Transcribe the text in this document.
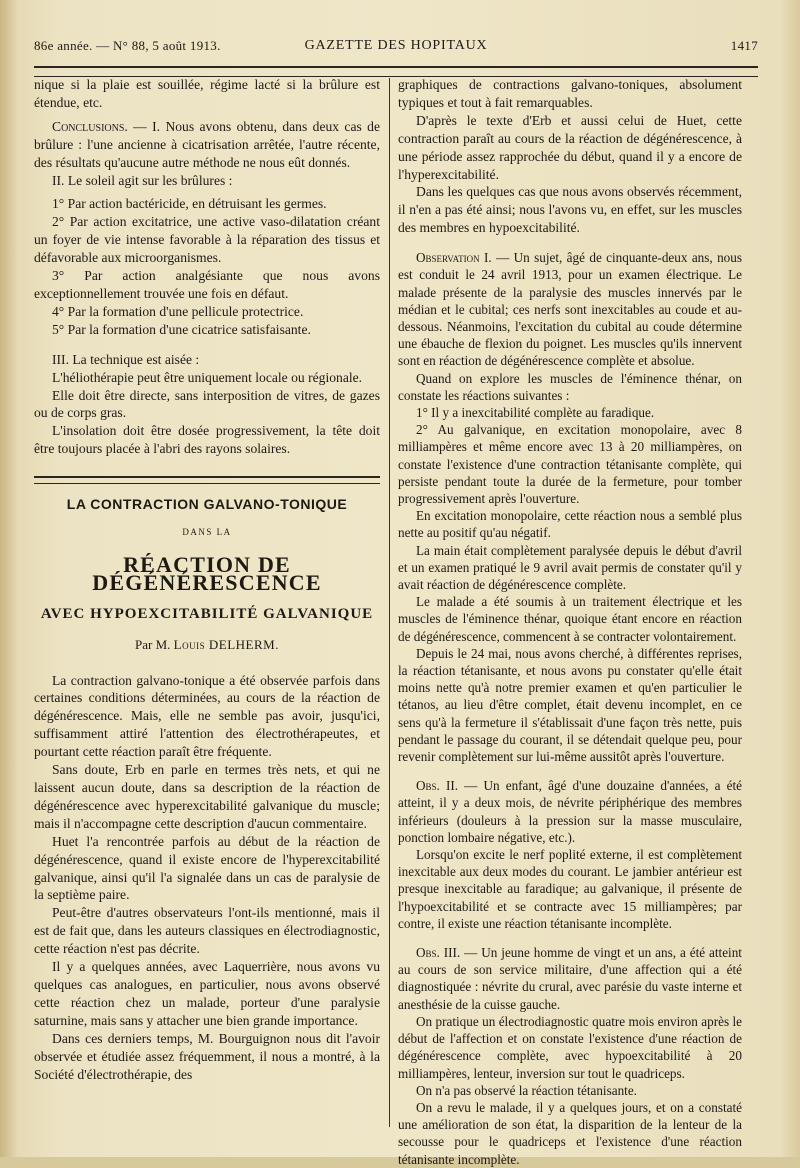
86e année. — N° 88, 5 août 1913.	GAZETTE DES HOPITAUX	1417

nique si la plaie est souillée, régime lacté si la brûlure est étendue, etc.

Conclusions. — I. Nous avons obtenu, dans deux cas de brûlure : l'une ancienne à cicatrisation arrêtée, l'autre récente, des résultats qu'aucune autre méthode ne nous eût donnés.

II. Le soleil agit sur les brûlures :

1° Par action bactéricide, en détruisant les germes.

2° Par action excitatrice, une active vaso-dilatation créant un foyer de vie intense favorable à la réparation des tissus et défavorable aux microorganismes.

3° Par action analgésiante que nous avons exceptionnellement trouvée une fois en défaut.

4° Par la formation d'une pellicule protectrice.

5° Par la formation d'une cicatrice satisfaisante.

III. La technique est aisée :

L'héliothérapie peut être uniquement locale ou régionale.

Elle doit être directe, sans interposition de vitres, de gazes ou de corps gras.

L'insolation doit être dosée progressivement, la tête doit être toujours placée à l'abri des rayons solaires.

LA CONTRACTION GALVANO-TONIQUE
DANS LA
RÉACTION DE DÉGÉNÉRESCENCE
AVEC HYPOEXCITABILITÉ GALVANIQUE
Par M. Louis DELHERM.

La contraction galvano-tonique a été observée parfois dans certaines conditions déterminées, au cours de la réaction de dégénérescence. Mais, elle ne semble pas avoir, jusqu'ici, suffisamment attiré l'attention des électrothérapeutes, et pourtant cette réaction paraît être fréquente.

Sans doute, Erb en parle en termes très nets, et qui ne laissent aucun doute, dans sa description de la réaction de dégénérescence avec hyperexcitabilité galvanique du muscle; mais il n'accompagne cette description d'aucun commentaire.

Huet l'a rencontrée parfois au début de la réaction de dégénérescence, quand il existe encore de l'hyperexcitabilité galvanique, ainsi qu'il l'a signalée dans un cas de paralysie de la septième paire.

Peut-être d'autres observateurs l'ont-ils mentionné, mais il est de fait que, dans les auteurs classiques en électrodiagnostic, cette réaction n'est pas décrite.

Il y a quelques années, avec Laquerrière, nous avons vu quelques cas analogues, en particulier, nous avons observé cette réaction chez un malade, porteur d'une paralysie saturnine, mais sans y attacher une bien grande importance.

Dans ces derniers temps, M. Bourguignon nous dit l'avoir observée et étudiée assez fréquemment, il nous a montré, à la Société d'électrothérapie, des

graphiques de contractions galvano-toniques, absolument typiques et tout à fait remarquables.

D'après le texte d'Erb et aussi celui de Huet, cette contraction paraît au cours de la réaction de dégénérescence, à une période assez rapprochée du début, quand il y a encore de l'hyperexcitabilité.

Dans les quelques cas que nous avons observés récemment, il n'en a pas été ainsi; nous l'avons vu, en effet, sur les muscles des membres en hypoexcitabilité.

Observation I. — Un sujet, âgé de cinquante-deux ans, nous est conduit le 24 avril 1913, pour un examen électrique. Le malade présente de la paralysie des muscles innervés par le médian et le cubital; ces nerfs sont inexcitables au coude et au-dessous. Néanmoins, l'excitation du cubital au coude détermine une ébauche de flexion du poignet. Les muscles qu'ils innervent sont en réaction de dégénérescence complète et absolue.

Quand on explore les muscles de l'éminence thénar, on constate les réactions suivantes :

1° Il y a inexcitabilité complète au faradique.

2° Au galvanique, en excitation monopolaire, avec 8 milliampères et même encore avec 13 à 20 milliampères, on constate l'existence d'une contraction tétanisante complète, qui persiste pendant toute la durée de la fermeture, pour tomber progressivement après l'ouverture.

En excitation monopolaire, cette réaction nous a semblé plus nette au positif qu'au négatif.

La main était complètement paralysée depuis le début d'avril et un examen pratiqué le 9 avril avait permis de constater qu'il y avait réaction de dégénérescence complète.

Le malade a été soumis à un traitement électrique et les muscles de l'éminence thénar, quoique étant encore en réaction de dégénérescence, commencent à se contracter volontairement.

Depuis le 24 mai, nous avons cherché, à différentes reprises, la réaction tétanisante, et nous avons pu constater qu'elle était moins nette qu'à notre premier examen et qu'en particulier le tétanos, au lieu d'être complet, était devenu incomplet, en ce sens qu'à la fermeture il s'établissait d'une façon très nette, puis pendant le passage du courant, il se détendait quelque peu, pour revenir complètement sur lui-même aussitôt après l'ouverture.

Obs. II. — Un enfant, âgé d'une douzaine d'années, a été atteint, il y a deux mois, de névrite périphérique des membres inférieurs (douleurs à la pression sur la masse musculaire, ponction lombaire négative, etc.).

Lorsqu'on excite le nerf poplité externe, il est complètement inexcitable aux deux modes du courant. Le jambier antérieur est presque inexcitable au faradique; au galvanique, il présente de l'hypoexcitabilité et se contracte avec 15 milliampères; par contre, il existe une réaction tétanisante incomplète.

Obs. III. — Un jeune homme de vingt et un ans, a été atteint au cours de son service militaire, d'une affection qui a été diagnostiquée : névrite du crural, avec parésie du vaste interne et anesthésie de la cuisse gauche.

On pratique un électrodiagnostic quatre mois environ après le début de l'affection et on constate l'existence d'une réaction de dégénérescence complète, avec hypoexcitabilité à 20 milliampères, lenteur, inversion sur tout le quadriceps.

On n'a pas observé la réaction tétanisante.

On a revu le malade, il y a quelques jours, et on a constaté une amélioration de son état, la disparition de la lenteur de la secousse pour le quadriceps et l'existence d'une réaction tétanisante incomplète.
